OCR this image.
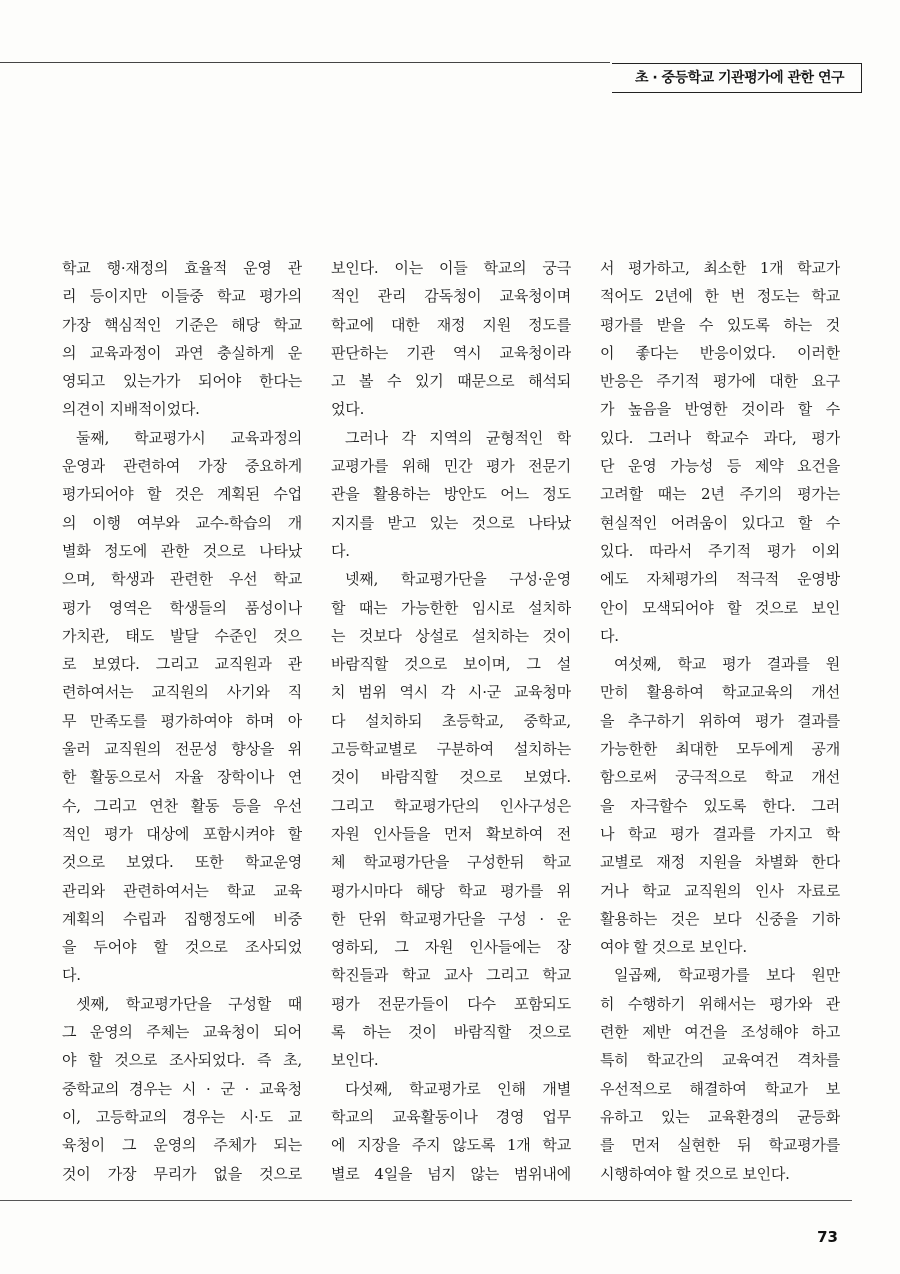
초 · 중등학교 기관평가에 관한 연구
학교 행·재정의 효율적 운영 관
리 등이지만 이들중 학교 평가의
가장 핵심적인 기준은 해당 학교
의 교육과정이 과연 충실하게 운
영되고 있는가가 되어야 한다는
의견이 지배적이었다.
둘째, 학교평가시 교육과정의
운영과 관련하여 가장 중요하게
평가되어야 할 것은 계획된 수업
의 이행 여부와 교수-학습의 개
별화 정도에 관한 것으로 나타났
으며, 학생과 관련한 우선 학교
평가 영역은 학생들의 품성이나
가치관, 태도 발달 수준인 것으
로 보였다. 그리고 교직원과 관
련하여서는 교직원의 사기와 직
무 만족도를 평가하여야 하며 아
울러 교직원의 전문성 향상을 위
한 활동으로서 자율 장학이나 연
수, 그리고 연찬 활동 등을 우선
적인 평가 대상에 포함시켜야 할
것으로 보였다. 또한 학교운영
관리와 관련하여서는 학교 교육
계획의 수립과 집행정도에 비중
을 두어야 할 것으로 조사되었
다.
셋째, 학교평가단을 구성할 때
그 운영의 주체는 교육청이 되어
야 할 것으로 조사되었다. 즉 초,
중학교의 경우는 시 · 군 · 교육청
이, 고등학교의 경우는 시·도 교
육청이 그 운영의 주체가 되는
것이 가장 무리가 없을 것으로
보인다. 이는 이들 학교의 궁극
적인 관리 감독청이 교육청이며
학교에 대한 재정 지원 정도를
판단하는 기관 역시 교육청이라
고 볼 수 있기 때문으로 해석되
었다.
그러나 각 지역의 균형적인 학
교평가를 위해 민간 평가 전문기
관을 활용하는 방안도 어느 정도
지지를 받고 있는 것으로 나타났
다.
넷째, 학교평가단을 구성·운영
할 때는 가능한한 임시로 설치하
는 것보다 상설로 설치하는 것이
바람직할 것으로 보이며, 그 설
치 범위 역시 각 시·군 교육청마
다 설치하되 초등학교, 중학교,
고등학교별로 구분하여 설치하는
것이 바람직할 것으로 보였다.
그리고 학교평가단의 인사구성은
자원 인사들을 먼저 확보하여 전
체 학교평가단을 구성한뒤 학교
평가시마다 해당 학교 평가를 위
한 단위 학교평가단을 구성 · 운
영하되, 그 자원 인사들에는 장
학진들과 학교 교사 그리고 학교
평가 전문가들이 다수 포함되도
록 하는 것이 바람직할 것으로
보인다.
다섯째, 학교평가로 인해 개별
학교의 교육활동이나 경영 업무
에 지장을 주지 않도록 1개 학교
별로 4일을 넘지 않는 범위내에
서 평가하고, 최소한 1개 학교가
적어도 2년에 한 번 정도는 학교
평가를 받을 수 있도록 하는 것
이 좋다는 반응이었다. 이러한
반응은 주기적 평가에 대한 요구
가 높음을 반영한 것이라 할 수
있다. 그러나 학교수 과다, 평가
단 운영 가능성 등 제약 요건을
고려할 때는 2년 주기의 평가는
현실적인 어려움이 있다고 할 수
있다. 따라서 주기적 평가 이외
에도 자체평가의 적극적 운영방
안이 모색되어야 할 것으로 보인
다.
여섯째, 학교 평가 결과를 원
만히 활용하여 학교교육의 개선
을 추구하기 위하여 평가 결과를
가능한한 최대한 모두에게 공개
함으로써 궁극적으로 학교 개선
을 자극할수 있도록 한다. 그러
나 학교 평가 결과를 가지고 학
교별로 재정 지원을 차별화 한다
거나 학교 교직원의 인사 자료로
활용하는 것은 보다 신중을 기하
여야 할 것으로 보인다.
일곱째, 학교평가를 보다 원만
히 수행하기 위해서는 평가와 관
련한 제반 여건을 조성해야 하고
특히 학교간의 교육여건 격차를
우선적으로 해결하여 학교가 보
유하고 있는 교육환경의 균등화
를 먼저 실현한 뒤 학교평가를
시행하여야 할 것으로 보인다.
73
